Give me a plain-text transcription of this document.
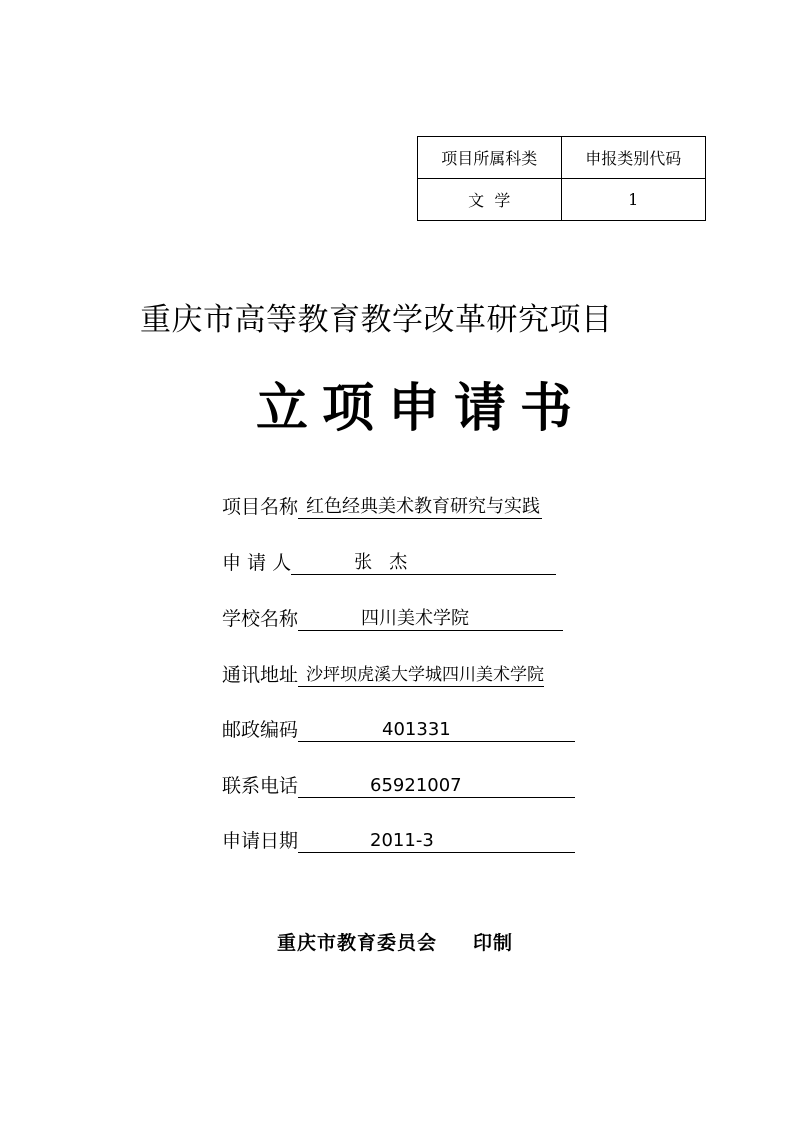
项目所属科类	申报类别代码
文  学	1
重庆市高等教育教学改革研究项目
立项申请书
项目名称 红色经典美术教育研究与实践
申 请 人	张   杰
学校名称	四川美术学院
通讯地址 沙坪坝虎溪大学城四川美术学院
邮政编码	401331
联系电话	65921007
申请日期	2011-3
重庆市教育委员会 印制
